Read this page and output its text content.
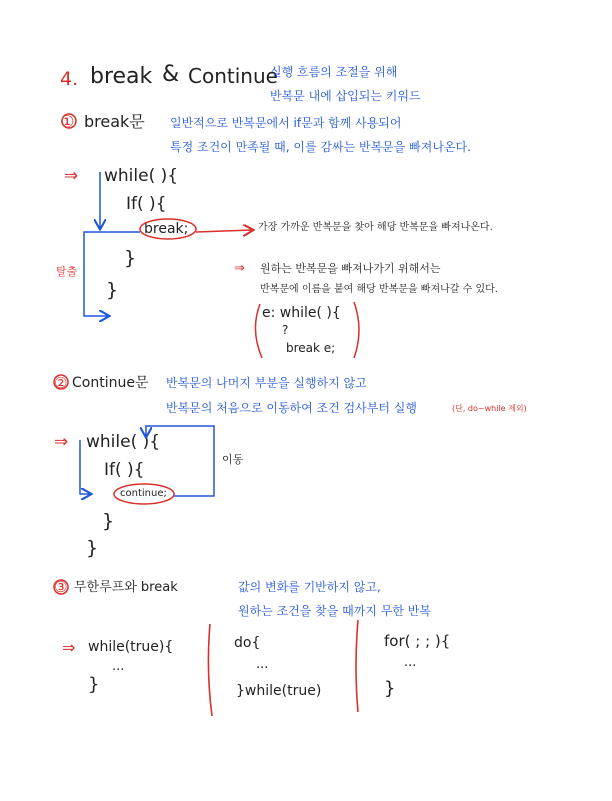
4. break & Continue
실행 흐름의 조절을 위해
반복문 내에 삽입되는 키워드
① break문 일반적으로 반복문에서 if문과 함께 사용되어
특정 조건이 만족될 때, 이를 감싸는 반복문을 빠져나온다.
⇒ while( ){
If( ){
break;
}
}
탈출
가장 가까운 반복문을 찾아 해당 반복문을 빠져나온다.
⇒ 원하는 반복문을 빠져나가기 위해서는
반복문에 이름을 붙여 해당 반복문을 빠져나갈 수 있다.
e: while( ){
?
break e;
② Continue문 반복문의 나머지 부분을 실행하지 않고
반복문의 처음으로 이동하여 조건 검사부터 실행	(단, do~while 제외)
⇒ while( ){
If( ){
continue;
}
}
이동
③ 무한루프와 break	값의 변화를 기반하지 않고,
원하는 조건을 찾을 때까지 무한 반복
⇒ while(true){
...
}
do{
...
}while(true)
for( ; ; ){
...
}
